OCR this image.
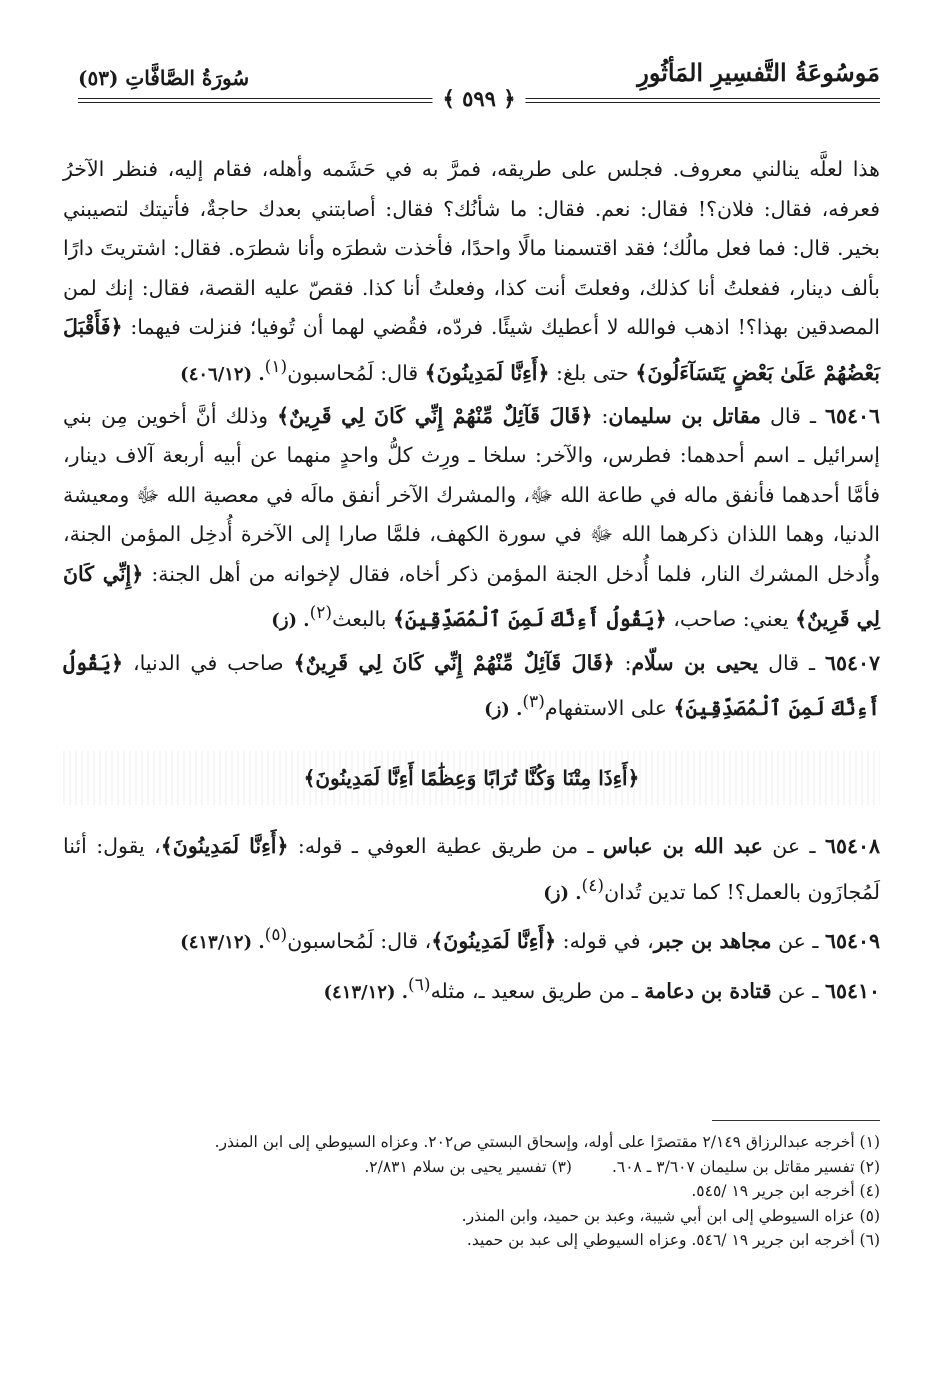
مَوسُوعَةُ التَّفسِيرِ المَأثُورِ
سُورَةُ الصَّافَّاتِ (٥٣)
﴿ ٥٩٩ ﴾

هذا لعلَّه ينالني معروف. فجلس على طريقه، فمرَّ به في حَشَمه وأهله، فقام إليه، فنظر الآخرُ فعرفه، فقال: فلان؟! فقال: نعم. فقال: ما شأنُك؟ فقال: أصابتني بعدك حاجةٌ، فأتيتك لتصيبني بخير. قال: فما فعل مالُك؛ فقد اقتسمنا مالًا واحدًا، فأخذت شطرَه وأنا شطرَه. فقال: اشتريتَ دارًا بألف دينار، ففعلتُ أنا كذلك، وفعلتَ أنت كذا، وفعلتُ أنا كذا. فقصّ عليه القصة، فقال: إنك لمن المصدقين بهذا؟! اذهب فوالله لا أعطيك شيئًا. فردّه، فقُضي لهما أن تُوفيا؛ فنزلت فيهما: ﴿فَأَقْبَلَ بَعْضُهُمْ عَلَىٰ بَعْضٍ يَتَسَآءَلُونَ﴾ حتى بلغ: ﴿أَءِنَّا لَمَدِينُونَ﴾ قال: لَمُحاسبون$^{(١)}$. (٤٠٦/١٢)

٦٥٤٠٦ ـ قال مقاتل بن سليمان: ﴿قَالَ قَآئِلٌ مِّنْهُمْ إِنِّي كَانَ لِي قَرِينٌ﴾ وذلك أنَّ أخوين مِن بني إسرائيل ـ اسم أحدهما: فطرس، والآخر: سلخا ـ ورِث كلُّ واحدٍ منهما عن أبيه أربعة آلاف دينار، فأمَّا أحدهما فأنفق ماله في طاعة الله ﷻ، والمشرك الآخر أنفق مالَه في معصية الله ﷻ ومعيشة الدنيا، وهما اللذان ذكرهما الله ﷻ في سورة الكهف، فلمَّا صارا إلى الآخرة أُدخِل المؤمن الجنة، وأُدخل المشرك النار، فلما أُدخل الجنة المؤمن ذكر أخاه، فقال لإخوانه من أهل الجنة: ﴿إِنِّي كَانَ لِي قَرِينٌ﴾ يعني: صاحب، ﴿يَقُولُ أَءِنَّكَ لَمِنَ ٱلْمُصَدِّقِينَ﴾ بالبعث$^{(٢)}$. (ز)

٦٥٤٠٧ ـ قال يحيى بن سلّام: ﴿قَالَ قَآئِلٌ مِّنْهُمْ إِنِّي كَانَ لِي قَرِينٌ﴾ صاحب في الدنيا، ﴿يَقُولُ أَءِنَّكَ لَمِنَ ٱلْمُصَدِّقِينَ﴾ على الاستفهام$^{(٣)}$. (ز)

﴿أَءِذَا مِتْنَا وَكُنَّا تُرَابًا وَعِظَٰمًا أَءِنَّا لَمَدِينُونَ﴾

٦٥٤٠٨ ـ عن عبد الله بن عباس ـ من طريق عطية العوفي ـ قوله: ﴿أَءِنَّا لَمَدِينُونَ﴾، يقول: أئنا لَمُجازَون بالعمل؟! كما تدين تُدان$^{(٤)}$. (ز)

٦٥٤٠٩ ـ عن مجاهد بن جبر، في قوله: ﴿أَءِنَّا لَمَدِينُونَ﴾، قال: لَمُحاسبون$^{(٥)}$. (٤١٣/١٢)

٦٥٤١٠ ـ عن قتادة بن دعامة ـ من طريق سعيد ـ، مثله$^{(٦)}$. (٤١٣/١٢)

(١) أخرجه عبدالرزاق ٢/١٤٩ مقتصرًا على أوله، وإسحاق البستي ص٢٠٢. وعزاه السيوطي إلى ابن المنذر.

(٢) تفسير مقاتل بن سليمان ٣/٦٠٧ ـ ٦٠٨.

(٣) تفسير يحيى بن سلام ٢/٨٣١.

(٤) أخرجه ابن جرير ١٩ /٥٤٥.

(٥) عزاه السيوطي إلى ابن أبي شيبة، وعبد بن حميد، وابن المنذر.

(٦) أخرجه ابن جرير ١٩ /٥٤٦. وعزاه السيوطي إلى عبد بن حميد.
